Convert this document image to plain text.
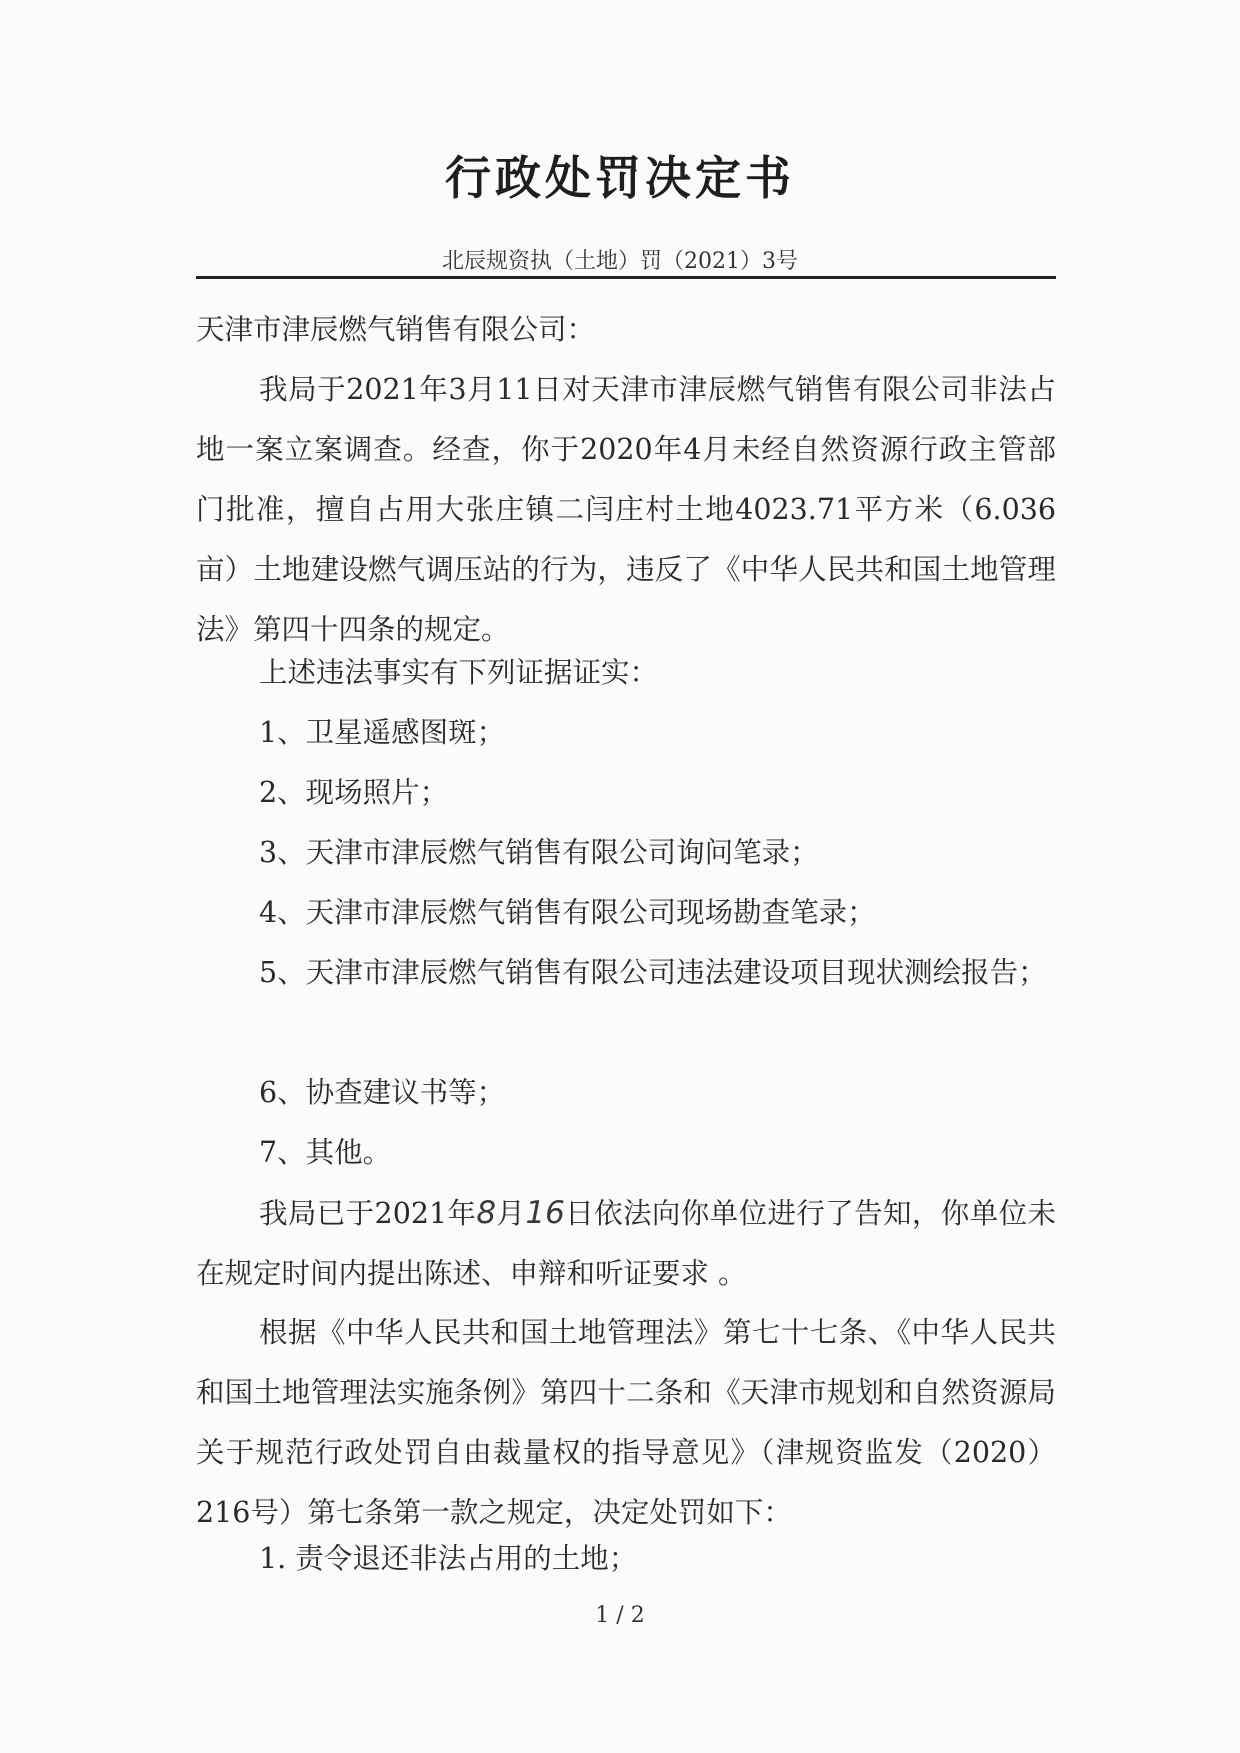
行政处罚决定书
北辰规资执（土地）罚（2021）3号
天津市津辰燃气销售有限公司：
我局于2021年3月11日对天津市津辰燃气销售有限公司非法占地一案立案调查。经查，你于2020年4月未经自然资源行政主管部门批准，擅自占用大张庄镇二闫庄村土地4023.71平方米（6.036亩）土地建设燃气调压站的行为，违反了《中华人民共和国土地管理法》第四十四条的规定。
上述违法事实有下列证据证实：
1、卫星遥感图斑；
2、现场照片；
3、天津市津辰燃气销售有限公司询问笔录；
4、天津市津辰燃气销售有限公司现场勘查笔录；
5、天津市津辰燃气销售有限公司违法建设项目现状测绘报告；
6、协查建议书等；
7、其他。
我局已于2021年8月16日依法向你单位进行了告知，你单位未在规定时间内提出陈述、申辩和听证要求 。
根据《中华人民共和国土地管理法》第七十七条、《中华人民共和国土地管理法实施条例》第四十二条和《天津市规划和自然资源局关于规范行政处罚自由裁量权的指导意见》（津规资监发（2020）216号）第七条第一款之规定，决定处罚如下：
1. 责令退还非法占用的土地；
1 / 2
